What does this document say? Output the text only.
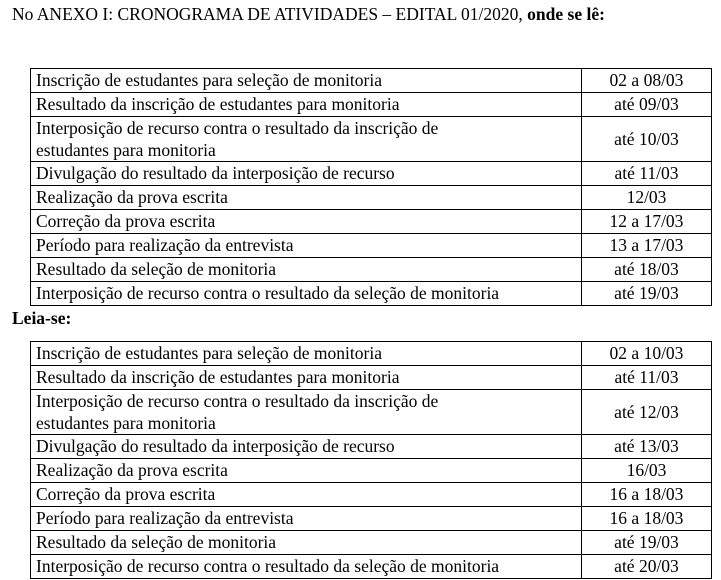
No ANEXO I: CRONOGRAMA DE ATIVIDADES – EDITAL 01/2020, onde se lê:
Inscrição de estudantes para seleção de monitoria	02 a 08/03
Resultado da inscrição de estudantes para monitoria	até 09/03
Interposição de recurso contra o resultado da inscrição de
estudantes para monitoria	até 10/03
Divulgação do resultado da interposição de recurso	até 11/03
Realização da prova escrita	12/03
Correção da prova escrita	12 a 17/03
Período para realização da entrevista	13 a 17/03
Resultado da seleção de monitoria	até 18/03
Interposição de recurso contra o resultado da seleção de monitoria	até 19/03
Leia-se:
Inscrição de estudantes para seleção de monitoria	02 a 10/03
Resultado da inscrição de estudantes para monitoria	até 11/03
Interposição de recurso contra o resultado da inscrição de
estudantes para monitoria	até 12/03
Divulgação do resultado da interposição de recurso	até 13/03
Realização da prova escrita	16/03
Correção da prova escrita	16 a 18/03
Período para realização da entrevista	16 a 18/03
Resultado da seleção de monitoria	até 19/03
Interposição de recurso contra o resultado da seleção de monitoria	até 20/03
